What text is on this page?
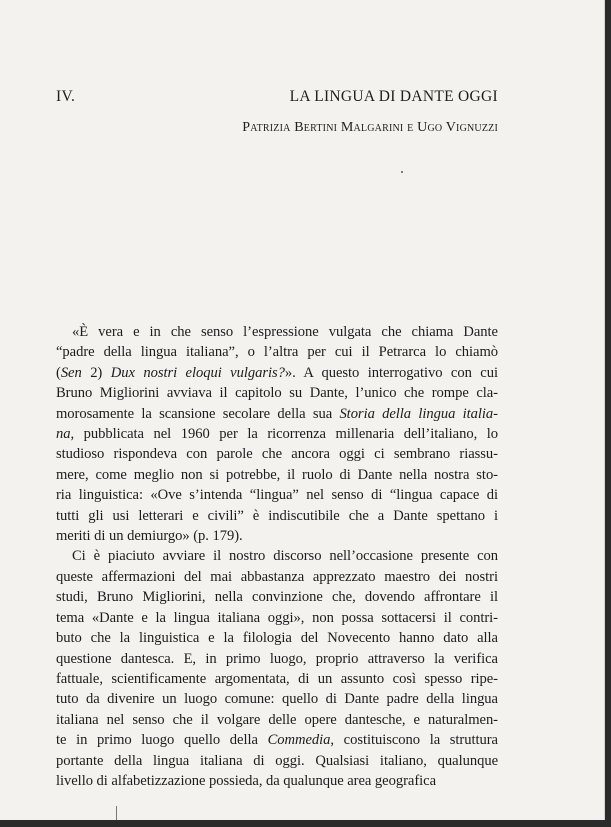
IV.	LA LINGUA DI DANTE OGGI
Patrizia Bertini Malgarini e Ugo Vignuzzi
«È vera e in che senso l’espressione vulgata che chiama Dante
“padre della lingua italiana”, o l’altra per cui il Petrarca lo chiamò
(Sen 2) Dux nostri eloqui vulgaris?». A questo interrogativo con cui
Bruno Migliorini avviava il capitolo su Dante, l’unico che rompe cla-
morosamente la scansione secolare della sua Storia della lingua italia-
na, pubblicata nel 1960 per la ricorrenza millenaria dell’italiano, lo
studioso rispondeva con parole che ancora oggi ci sembrano riassu-
mere, come meglio non si potrebbe, il ruolo di Dante nella nostra sto-
ria linguistica: «Ove s’intenda “lingua” nel senso di “lingua capace di
tutti gli usi letterari e civili” è indiscutibile che a Dante spettano i
meriti di un demiurgo» (p. 179).
Ci è piaciuto avviare il nostro discorso nell’occasione presente con
queste affermazioni del mai abbastanza apprezzato maestro dei nostri
studi, Bruno Migliorini, nella convinzione che, dovendo affrontare il
tema «Dante e la lingua italiana oggi», non possa sottacersi il contri-
buto che la linguistica e la filologia del Novecento hanno dato alla
questione dantesca. E, in primo luogo, proprio attraverso la verifica
fattuale, scientificamente argomentata, di un assunto così spesso ripe-
tuto da divenire un luogo comune: quello di Dante padre della lingua
italiana nel senso che il volgare delle opere dantesche, e naturalmen-
te in primo luogo quello della Commedia, costituiscono la struttura
portante della lingua italiana di oggi. Qualsiasi italiano, qualunque
livello di alfabetizzazione possieda, da qualunque area geografica
